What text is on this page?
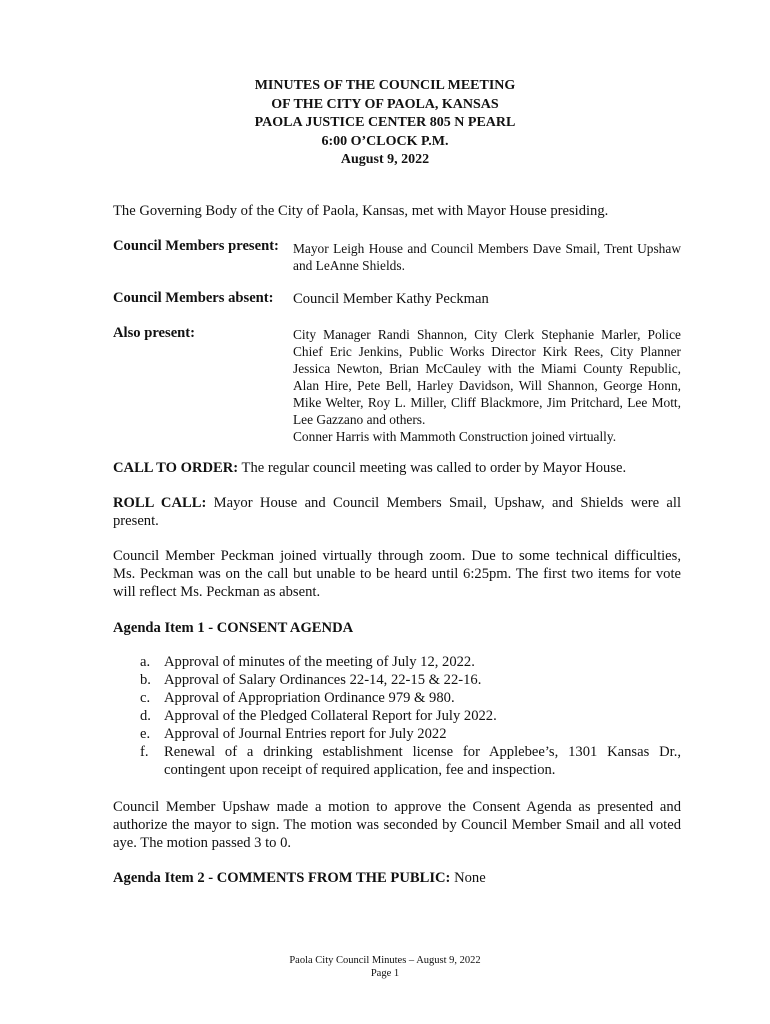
MINUTES OF THE COUNCIL MEETING
OF THE CITY OF PAOLA, KANSAS
PAOLA JUSTICE CENTER 805 N PEARL
6:00 O’CLOCK P.M.
August 9, 2022

The Governing Body of the City of Paola, Kansas, met with Mayor House presiding.

Council Members present: Mayor Leigh House and Council Members Dave Smail, Trent Upshaw and LeAnne Shields.
Council Members absent: Council Member Kathy Peckman
Also present:	City Manager Randi Shannon, City Clerk Stephanie Marler, Police Chief Eric Jenkins, Public Works Director Kirk Rees, City Planner Jessica Newton, Brian McCauley with the Miami County Republic, Alan Hire, Pete Bell, Harley Davidson, Will Shannon, George Honn, Mike Welter, Roy L. Miller, Cliff Blackmore, Jim Pritchard, Lee Mott, Lee Gazzano and others.
Conner Harris with Mammoth Construction joined virtually.

CALL TO ORDER: The regular council meeting was called to order by Mayor House.

ROLL CALL: Mayor House and Council Members Smail, Upshaw, and Shields were all present.

Council Member Peckman joined virtually through zoom. Due to some technical difficulties, Ms. Peckman was on the call but unable to be heard until 6:25pm. The first two items for vote will reflect Ms. Peckman as absent.

Agenda Item 1 - CONSENT AGENDA
a. Approval of minutes of the meeting of July 12, 2022.
b. Approval of Salary Ordinances 22-14, 22-15 & 22-16.
c. Approval of Appropriation Ordinance 979 & 980.
d. Approval of the Pledged Collateral Report for July 2022.
e. Approval of Journal Entries report for July 2022
f. Renewal of a drinking establishment license for Applebee’s, 1301 Kansas Dr., contingent upon receipt of required application, fee and inspection.

Council Member Upshaw made a motion to approve the Consent Agenda as presented and authorize the mayor to sign. The motion was seconded by Council Member Smail and all voted aye. The motion passed 3 to 0.

Agenda Item 2 - COMMENTS FROM THE PUBLIC: None
Paola City Council Minutes – August 9, 2022
Page 1
